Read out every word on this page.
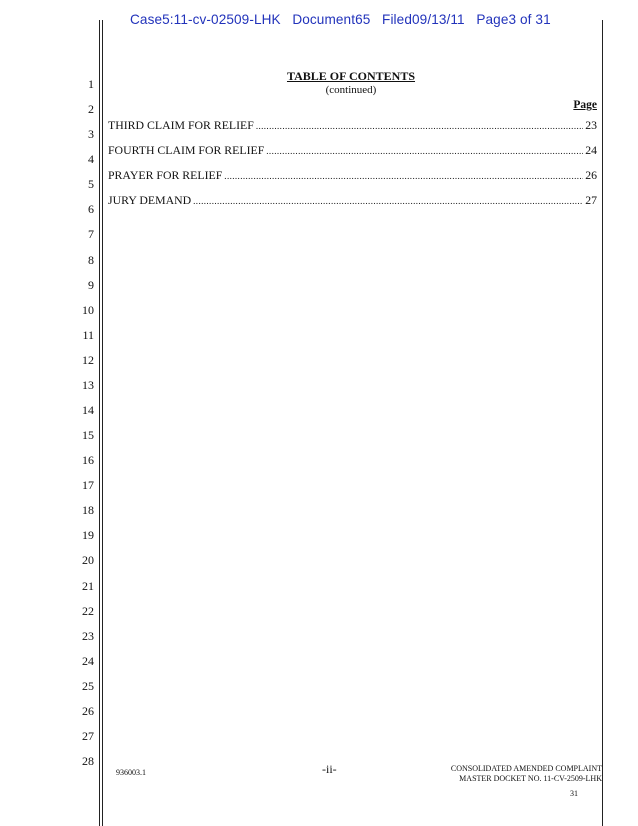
Case5:11-cv-02509-LHK   Document65   Filed09/13/11   Page3 of 31
1
2
3
4
5
6
7
8
9
10
11
12
13
14
15
16
17
18
19
20
21
22
23
24
25
26
27
28
TABLE OF CONTENTS
(continued)
Page
THIRD CLAIM FOR RELIEF .....	23
FOURTH CLAIM FOR RELIEF .....	24
PRAYER FOR RELIEF .....	26
JURY DEMAND .....	27
936003.1	-ii-	CONSOLIDATED AMENDED COMPLAINT
MASTER DOCKET NO. 11-CV-2509-LHK
31
